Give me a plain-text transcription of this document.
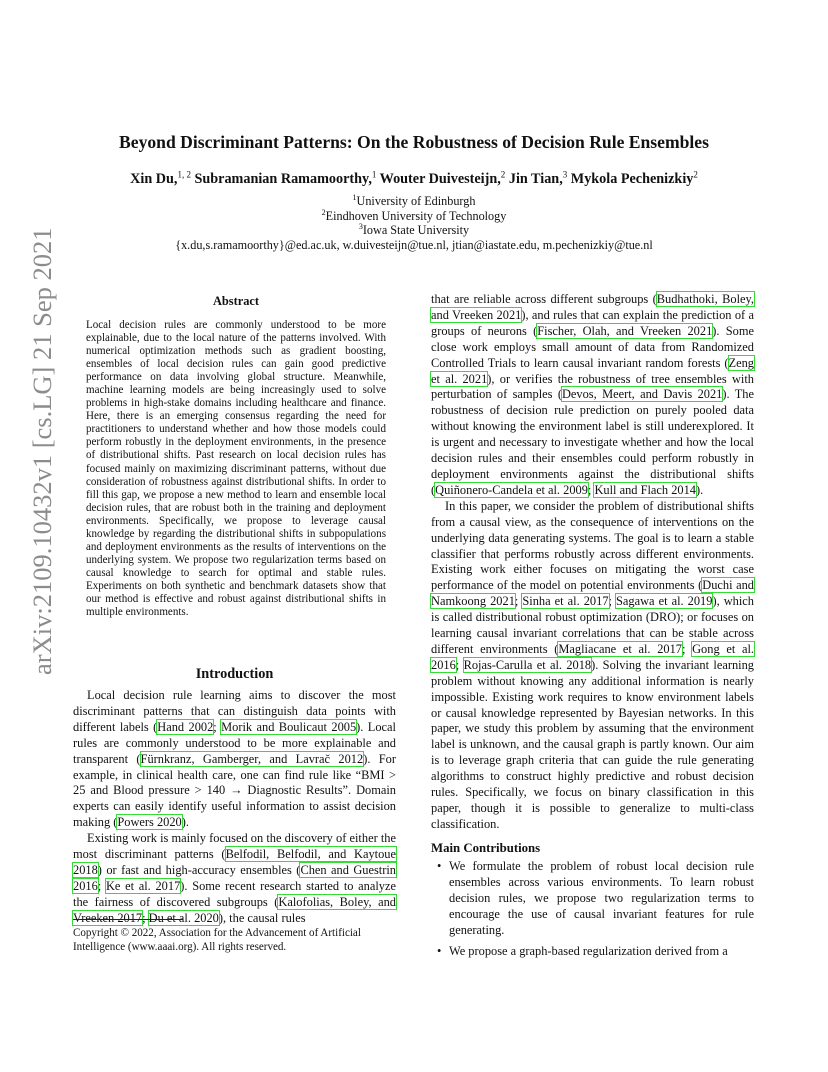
arXiv:2109.10432v1 [cs.LG] 21 Sep 2021
Beyond Discriminant Patterns: On the Robustness of Decision Rule Ensembles
Xin Du,$^{1, 2}$ Subramanian Ramamoorthy,$^1$ Wouter Duivesteijn,$^2$ Jin Tian,$^3$ Mykola Pechenizkiy$^2$
$^1$University of Edinburgh
$^2$Eindhoven University of Technology
$^3$Iowa State University
{x.du,s.ramamoorthy}@ed.ac.uk, w.duivesteijn@tue.nl, jtian@iastate.edu, m.pechenizkiy@tue.nl
Abstract
Local decision rules are commonly understood to be more explainable, due to the local nature of the patterns involved. With numerical optimization methods such as gradient boosting, ensembles of local decision rules can gain good predictive performance on data involving global structure. Meanwhile, machine learning models are being increasingly used to solve problems in high-stake domains including healthcare and finance. Here, there is an emerging consensus regarding the need for practitioners to understand whether and how those models could perform robustly in the deployment environments, in the presence of distributional shifts. Past research on local decision rules has focused mainly on maximizing discriminant patterns, without due consideration of robustness against distributional shifts. In order to fill this gap, we propose a new method to learn and ensemble local decision rules, that are robust both in the training and deployment environments. Specifically, we propose to leverage causal knowledge by regarding the distributional shifts in subpopulations and deployment environments as the results of interventions on the underlying system. We propose two regularization terms based on causal knowledge to search for optimal and stable rules. Experiments on both synthetic and benchmark datasets show that our method is effective and robust against distributional shifts in multiple environments.
Introduction

Local decision rule learning aims to discover the most discriminant patterns that can distinguish data points with different labels (Hand 2002; Morik and Boulicaut 2005). Local rules are commonly understood to be more explainable and transparent (Fürnkranz, Gamberger, and Lavrač 2012). For example, in clinical health care, one can find rule like “BMI > 25 and Blood pressure > 140 → Diagnostic Results”. Domain experts can easily identify useful information to assist decision making (Powers 2020).

Existing work is mainly focused on the discovery of either the most discriminant patterns (Belfodil, Belfodil, and Kaytoue 2018) or fast and high-accuracy ensembles (Chen and Guestrin 2016; Ke et al. 2017). Some recent research started to analyze the fairness of discovered subgroups (Kalofolias, Boley, and Vreeken 2017; Du et al. 2020), the causal rules

Copyright © 2022, Association for the Advancement of Artificial Intelligence (www.aaai.org). All rights reserved.

that are reliable across different subgroups (Budhathoki, Boley, and Vreeken 2021), and rules that can explain the prediction of a groups of neurons (Fischer, Olah, and Vreeken 2021). Some close work employs small amount of data from Randomized Controlled Trials to learn causal invariant random forests (Zeng et al. 2021), or verifies the robustness of tree ensembles with perturbation of samples (Devos, Meert, and Davis 2021). The robustness of decision rule prediction on purely pooled data without knowing the environment label is still underexplored. It is urgent and necessary to investigate whether and how the local decision rules and their ensembles could perform robustly in deployment environments against the distributional shifts (Quiñonero-Candela et al. 2009; Kull and Flach 2014).

In this paper, we consider the problem of distributional shifts from a causal view, as the consequence of interventions on the underlying data generating systems. The goal is to learn a stable classifier that performs robustly across different environments. Existing work either focuses on mitigating the worst case performance of the model on potential environments (Duchi and Namkoong 2021; Sinha et al. 2017; Sagawa et al. 2019), which is called distributional robust optimization (DRO); or focuses on learning causal invariant correlations that can be stable across different environments (Magliacane et al. 2017; Gong et al. 2016; Rojas-Carulla et al. 2018). Solving the invariant learning problem without knowing any additional information is nearly impossible. Existing work requires to know environment labels or causal knowledge represented by Bayesian networks. In this paper, we study this problem by assuming that the environment label is unknown, and the causal graph is partly known. Our aim is to leverage graph criteria that can guide the rule generating algorithms to construct highly predictive and robust decision rules. Specifically, we focus on binary classification in this paper, though it is possible to generalize to multi-class classification.

Main Contributions
• We formulate the problem of robust local decision rule ensembles across various environments. To learn robust decision rules, we propose two regularization terms to encourage the use of causal invariant features for rule generating.
• We propose a graph-based regularization derived from a
